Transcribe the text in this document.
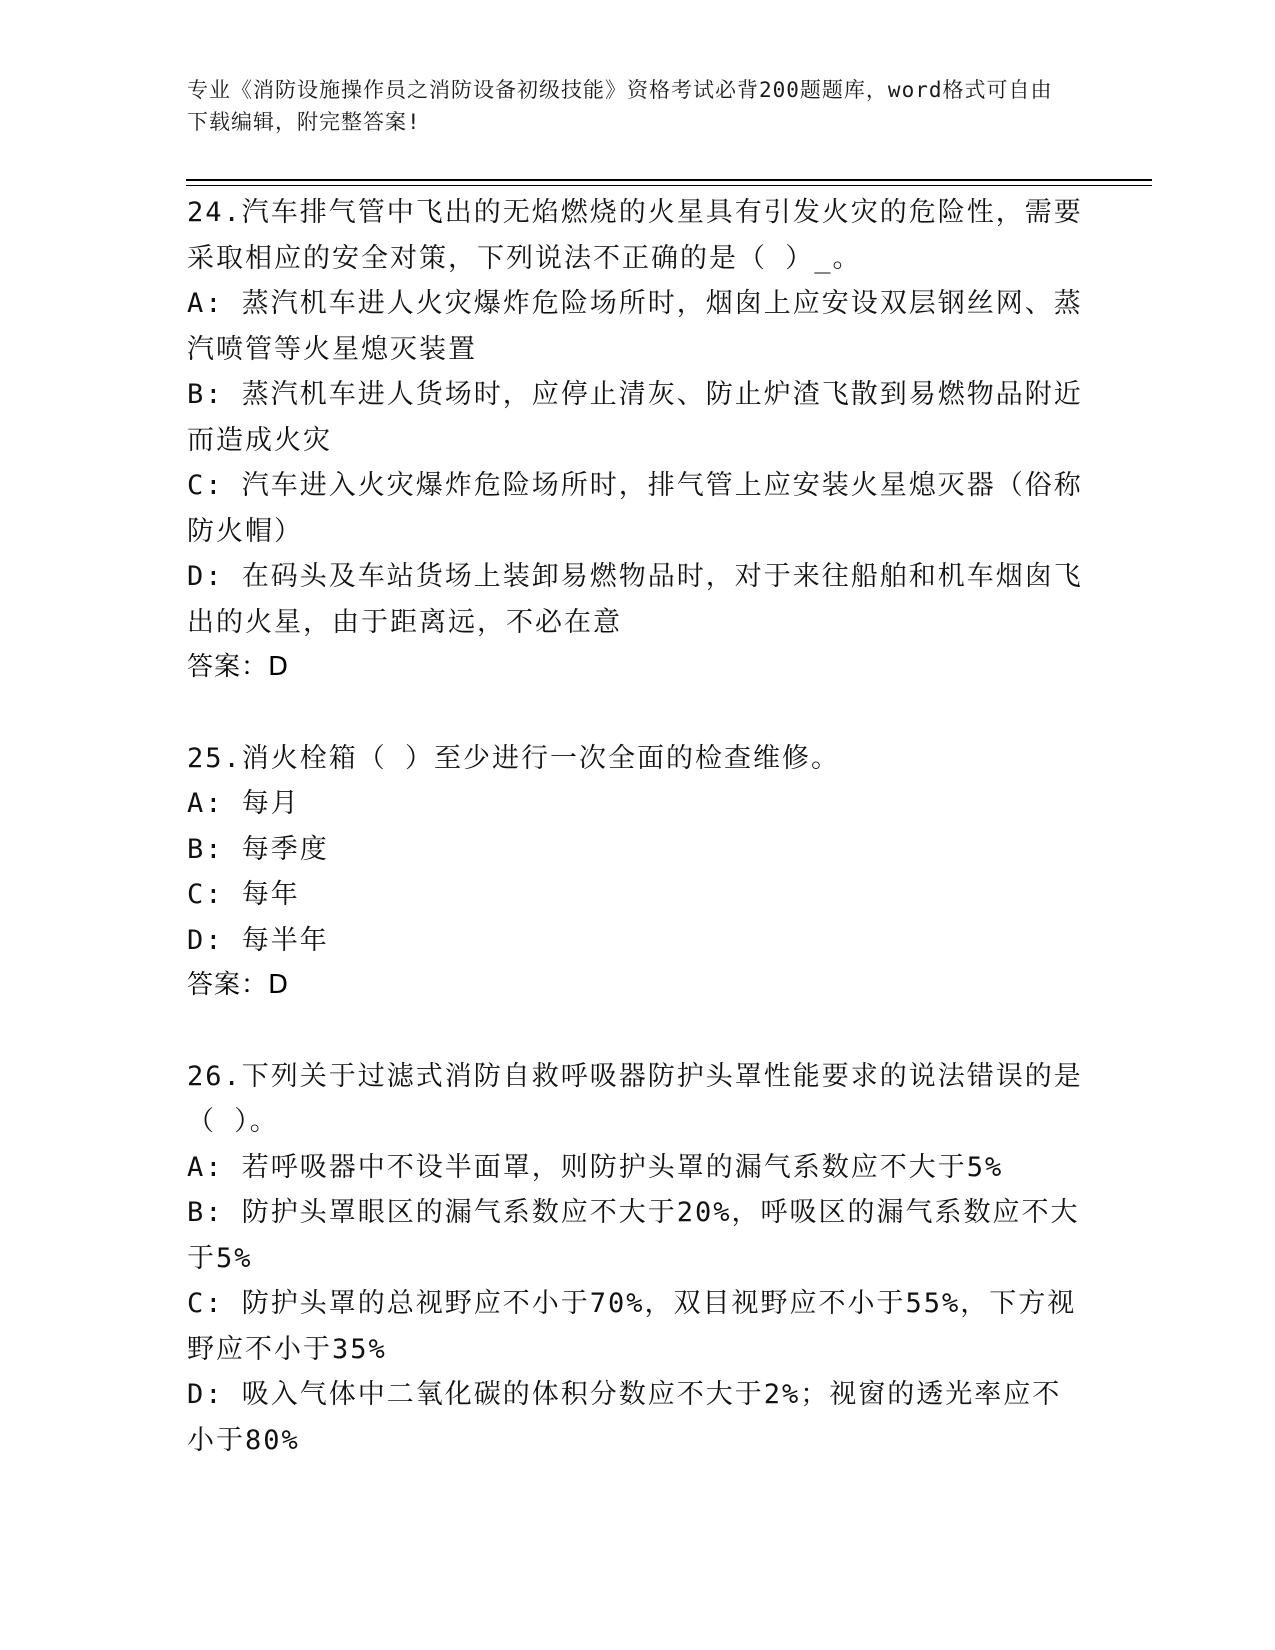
专业《消防设施操作员之消防设备初级技能》资格考试必背200题题库，word格式可自由下载编辑，附完整答案!
24.汽车排气管中飞出的无焰燃烧的火星具有引发火灾的危险性，需要采取相应的安全对策，下列说法不正确的是（ ）_。
A: 蒸汽机车进人火灾爆炸危险场所时，烟囱上应安设双层钢丝网、蒸汽喷管等火星熄灭装置
B: 蒸汽机车进人货场时，应停止清灰、防止炉渣飞散到易燃物品附近而造成火灾
C: 汽车进入火灾爆炸危险场所时，排气管上应安装火星熄灭器（俗称防火帽）
D: 在码头及车站货场上装卸易燃物品时，对于来往船舶和机车烟囱飞出的火星，由于距离远，不必在意
答案：D
25.消火栓箱（ ）至少进行一次全面的检查维修。
A: 每月
B: 每季度
C: 每年
D: 每半年
答案：D
26.下列关于过滤式消防自救呼吸器防护头罩性能要求的说法错误的是（ ）。
A: 若呼吸器中不设半面罩，则防护头罩的漏气系数应不大于5%
B: 防护头罩眼区的漏气系数应不大于20%，呼吸区的漏气系数应不大于5%
C: 防护头罩的总视野应不小于70%，双目视野应不小于55%，下方视野应不小于35%
D: 吸入气体中二氧化碳的体积分数应不大于2%；视窗的透光率应不小于80%
